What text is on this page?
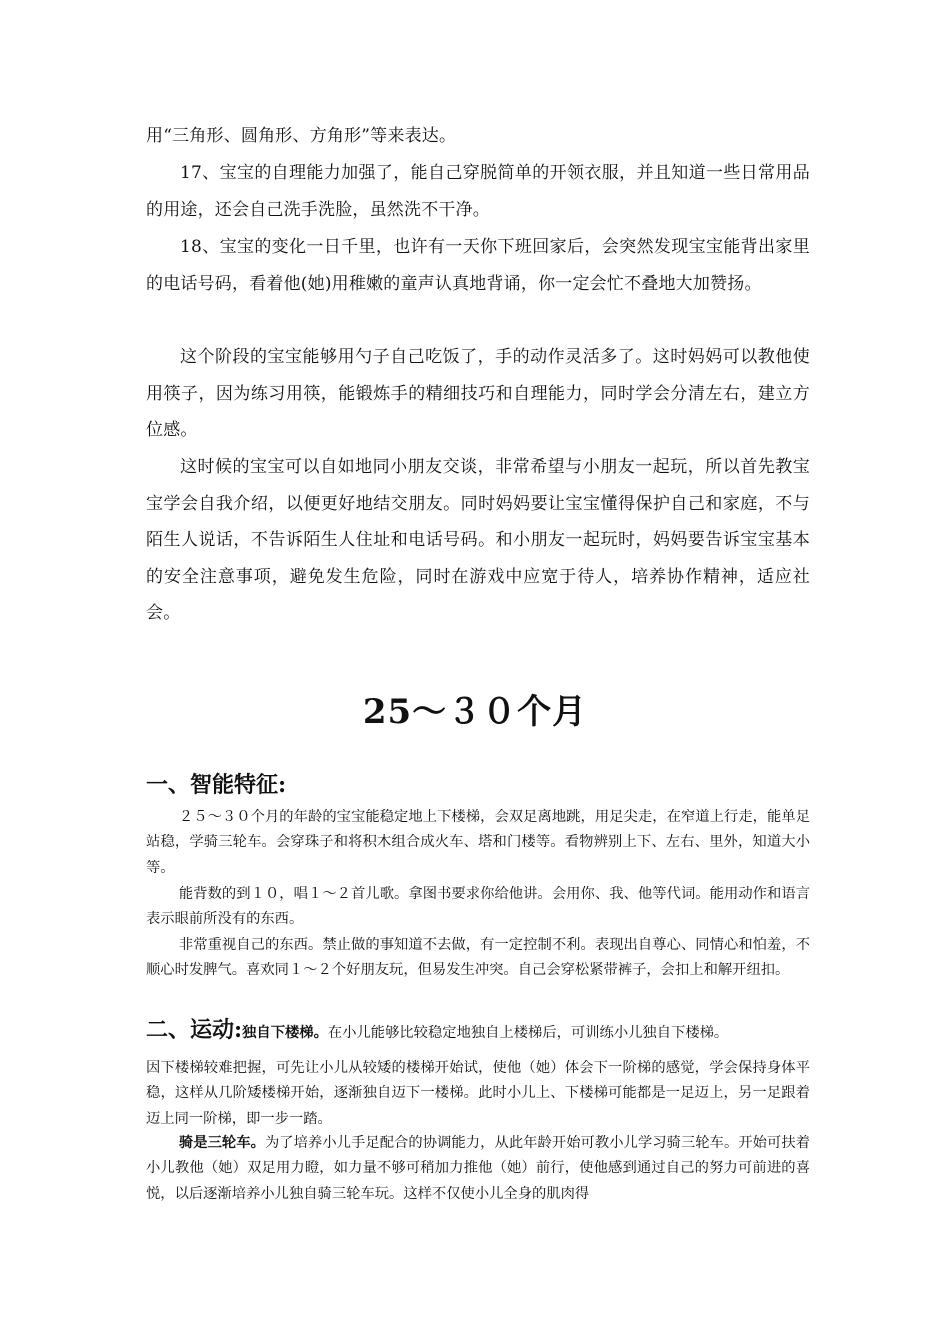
用“三角形、圆角形、方角形”等来表达。

17、宝宝的自理能力加强了，能自己穿脱简单的开领衣服，并且知道一些日常用品的用途，还会自己洗手洗脸，虽然洗不干净。

18、宝宝的变化一日千里，也许有一天你下班回家后，会突然发现宝宝能背出家里的电话号码，看着他(她)用稚嫩的童声认真地背诵，你一定会忙不叠地大加赞扬。

这个阶段的宝宝能够用勺子自己吃饭了，手的动作灵活多了。这时妈妈可以教他使用筷子，因为练习用筷，能锻炼手的精细技巧和自理能力，同时学会分清左右，建立方位感。

这时候的宝宝可以自如地同小朋友交谈，非常希望与小朋友一起玩，所以首先教宝宝学会自我介绍，以便更好地结交朋友。同时妈妈要让宝宝懂得保护自己和家庭，不与陌生人说话，不告诉陌生人住址和电话号码。和小朋友一起玩时，妈妈要告诉宝宝基本的安全注意事项，避免发生危险，同时在游戏中应宽于待人，培养协作精神，适应社会。

25～３０个月
一、智能特征:

２５～３０个月的年龄的宝宝能稳定地上下楼梯，会双足离地跳，用足尖走，在窄道上行走，能单足站稳，学骑三轮车。会穿珠子和将积木组合成火车、塔和门楼等。看物辨别上下、左右、里外，知道大小等。

能背数的到１０，唱１～２首儿歌。拿图书要求你给他讲。会用你、我、他等代词。能用动作和语言表示眼前所没有的东西。

非常重视自己的东西。禁止做的事知道不去做，有一定控制不利。表现出自尊心、同情心和怕羞，不顺心时发脾气。喜欢同１～２个好朋友玩，但易发生冲突。自己会穿松紧带裤子，会扣上和解开纽扣。

二、运动:独自下楼梯。在小儿能够比较稳定地独自上楼梯后，可训练小儿独自下楼梯。

因下楼梯较难把握，可先让小儿从较矮的楼梯开始试，使他（她）体会下一阶梯的感觉，学会保持身体平稳，这样从几阶矮楼梯开始，逐渐独自迈下一楼梯。此时小儿上、下楼梯可能都是一足迈上，另一足跟着迈上同一阶梯，即一步一踏。

骑是三轮车。为了培养小儿手足配合的协调能力，从此年龄开始可教小儿学习骑三轮车。开始可扶着小儿教他（她）双足用力瞪，如力量不够可稍加力推他（她）前行，使他感到通过自己的努力可前进的喜悦，以后逐渐培养小儿独自骑三轮车玩。这样不仅使小儿全身的肌肉得
